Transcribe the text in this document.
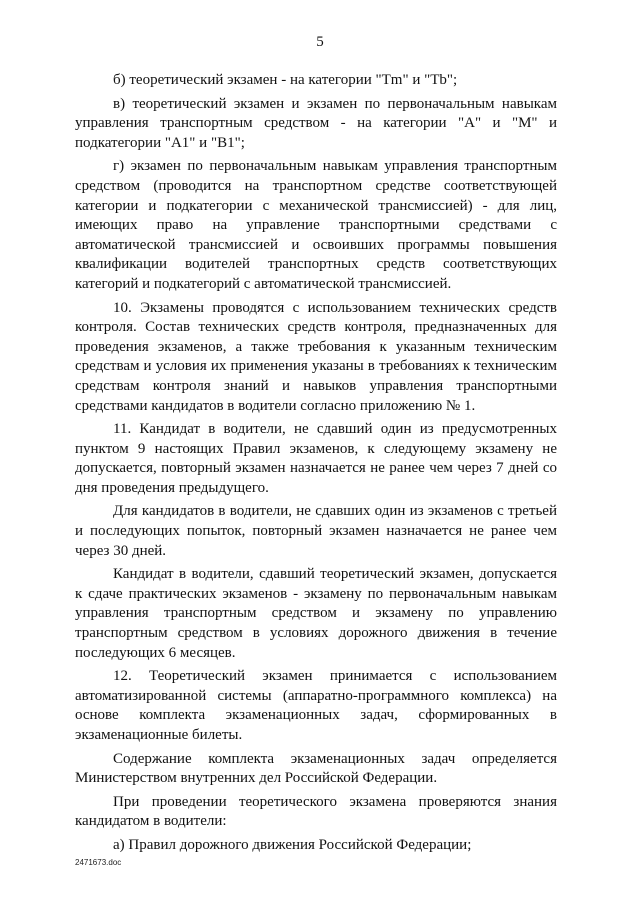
5

б) теоретический экзамен - на категории "Tm" и "Tb";

в) теоретический экзамен и экзамен по первоначальным навыкам управления транспортным средством - на категории "А" и "М" и подкатегории "А1" и "В1";

г) экзамен по первоначальным навыкам управления транспортным средством (проводится на транспортном средстве соответствующей категории и подкатегории с механической трансмиссией) - для лиц, имеющих право на управление транспортными средствами с автоматической трансмиссией и освоивших программы повышения квалификации водителей транспортных средств соответствующих категорий и подкатегорий с автоматической трансмиссией.

10. Экзамены проводятся с использованием технических средств контроля. Состав технических средств контроля, предназначенных для проведения экзаменов, а также требования к указанным техническим средствам и условия их применения указаны в требованиях к техническим средствам контроля знаний и навыков управления транспортными средствами кандидатов в водители согласно приложению № 1.

11. Кандидат в водители, не сдавший один из предусмотренных пунктом 9 настоящих Правил экзаменов, к следующему экзамену не допускается, повторный экзамен назначается не ранее чем через 7 дней со дня проведения предыдущего.

Для кандидатов в водители, не сдавших один из экзаменов с третьей и последующих попыток, повторный экзамен назначается не ранее чем через 30 дней.

Кандидат в водители, сдавший теоретический экзамен, допускается к сдаче практических экзаменов - экзамену по первоначальным навыкам управления транспортным средством и экзамену по управлению транспортным средством в условиях дорожного движения в течение последующих 6 месяцев.

12. Теоретический экзамен принимается с использованием автоматизированной системы (аппаратно-программного комплекса) на основе комплекта экзаменационных задач, сформированных в экзаменационные билеты.

Содержание комплекта экзаменационных задач определяется Министерством внутренних дел Российской Федерации.

При проведении теоретического экзамена проверяются знания кандидатом в водители:

а) Правил дорожного движения Российской Федерации;

2471673.doc
